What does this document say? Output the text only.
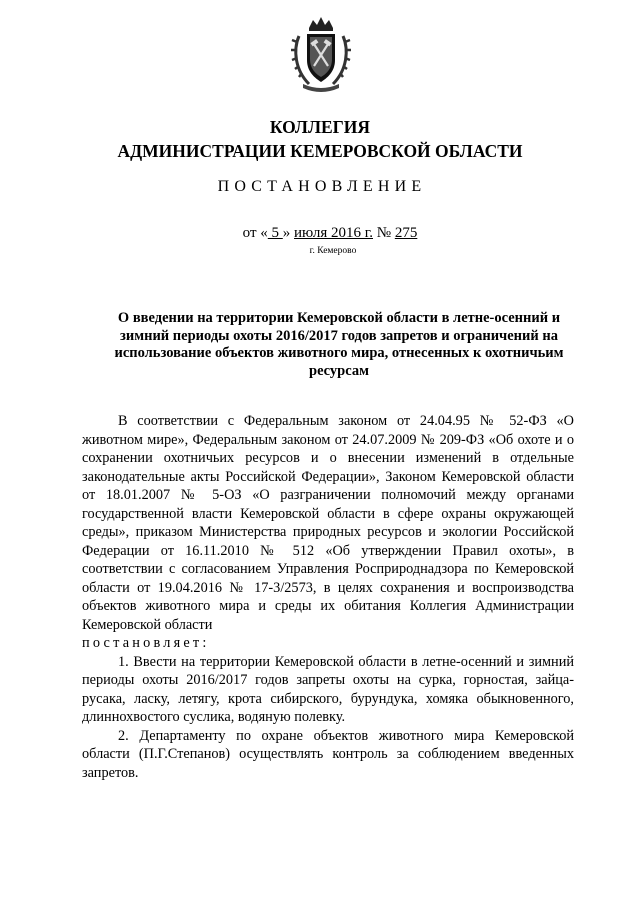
КОЛЛЕГИЯ
АДМИНИСТРАЦИИ КЕМЕРОВСКОЙ ОБЛАСТИ
ПОСТАНОВЛЕНИЕ
от « 5 » июля 2016 г. № 275
г. Кемерово
О введении на территории Кемеровской области в летне-осенний и зимний периоды охоты 2016/2017 годов запретов и ограничений на использование объектов животного мира, отнесенных к охотничьим ресурсам

В соответствии с Федеральным законом от 24.04.95 № 52-ФЗ «О животном мире», Федеральным законом от 24.07.2009 № 209-ФЗ «Об охоте и о сохранении охотничьих ресурсов и о внесении изменений в отдельные законодательные акты Российской Федерации», Законом Кемеровской области от 18.01.2007 № 5-ОЗ «О разграничении полномочий между органами государственной власти Кемеровской области в сфере охраны окружающей среды», приказом Министерства природных ресурсов и экологии Российской Федерации от 16.11.2010 № 512 «Об утверждении Правил охоты», в соответствии с согласованием Управления Росприроднадзора по Кемеровской области от 19.04.2016 № 17-3/2573, в целях сохранения и воспроизводства объектов животного мира и среды их обитания Коллегия Администрации Кемеровской области

постановляет:

1. Ввести на территории Кемеровской области в летне-осенний и зимний периоды охоты 2016/2017 годов запреты охоты на сурка, горностая, зайца-русака, ласку, летягу, крота сибирского, бурундука, хомяка обыкновенного, длиннохвостого суслика, водяную полевку.

2. Департаменту по охране объектов животного мира Кемеровской области (П.Г.Степанов) осуществлять контроль за соблюдением введенных запретов.
